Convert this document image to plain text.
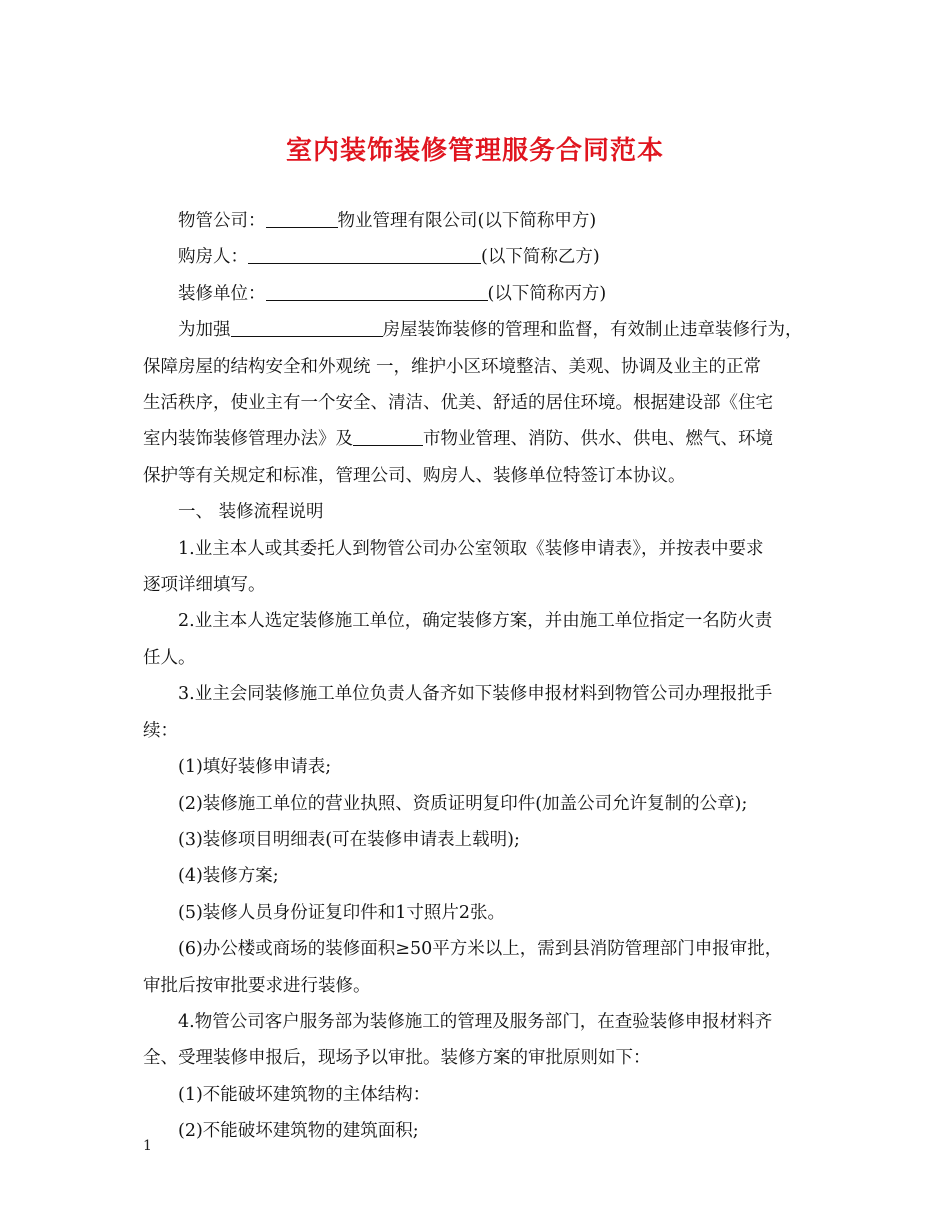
室内装饰装修管理服务合同范本
物管公司：	物业管理有限公司(以下简称甲方)
购房人：	(以下简称乙方)
装修单位：	(以下简称丙方)
为加强	房屋装饰装修的管理和监督，有效制止违章装修行为，
保障房屋的结构安全和外观统 一，维护小区环境整洁、美观、协调及业主的正常
生活秩序，使业主有一个安全、清洁、优美、舒适的居住环境。根据建设部《住宅
室内装饰装修管理办法》及	市物业管理、消防、供水、供电、燃气、环境
保护等有关规定和标准，管理公司、购房人、装修单位特签订本协议。
一、 装修流程说明
1.业主本人或其委托人到物管公司办公室领取《装修申请表》，并按表中要求
逐项详细填写。
2.业主本人选定装修施工单位，确定装修方案，并由施工单位指定一名防火责
任人。
3.业主会同装修施工单位负责人备齐如下装修申报材料到物管公司办理报批手
续：
(1)填好装修申请表;
(2)装修施工单位的营业执照、资质证明复印件(加盖公司允许复制的公章);
(3)装修项目明细表(可在装修申请表上载明);
(4)装修方案;
(5)装修人员身份证复印件和1寸照片2张。
(6)办公楼或商场的装修面积≥50平方米以上，需到县消防管理部门申报审批，
审批后按审批要求进行装修。
4.物管公司客户服务部为装修施工的管理及服务部门，在查验装修申报材料齐
全、受理装修申报后，现场予以审批。装修方案的审批原则如下：
(1)不能破坏建筑物的主体结构：
(2)不能破坏建筑物的建筑面积;
1
